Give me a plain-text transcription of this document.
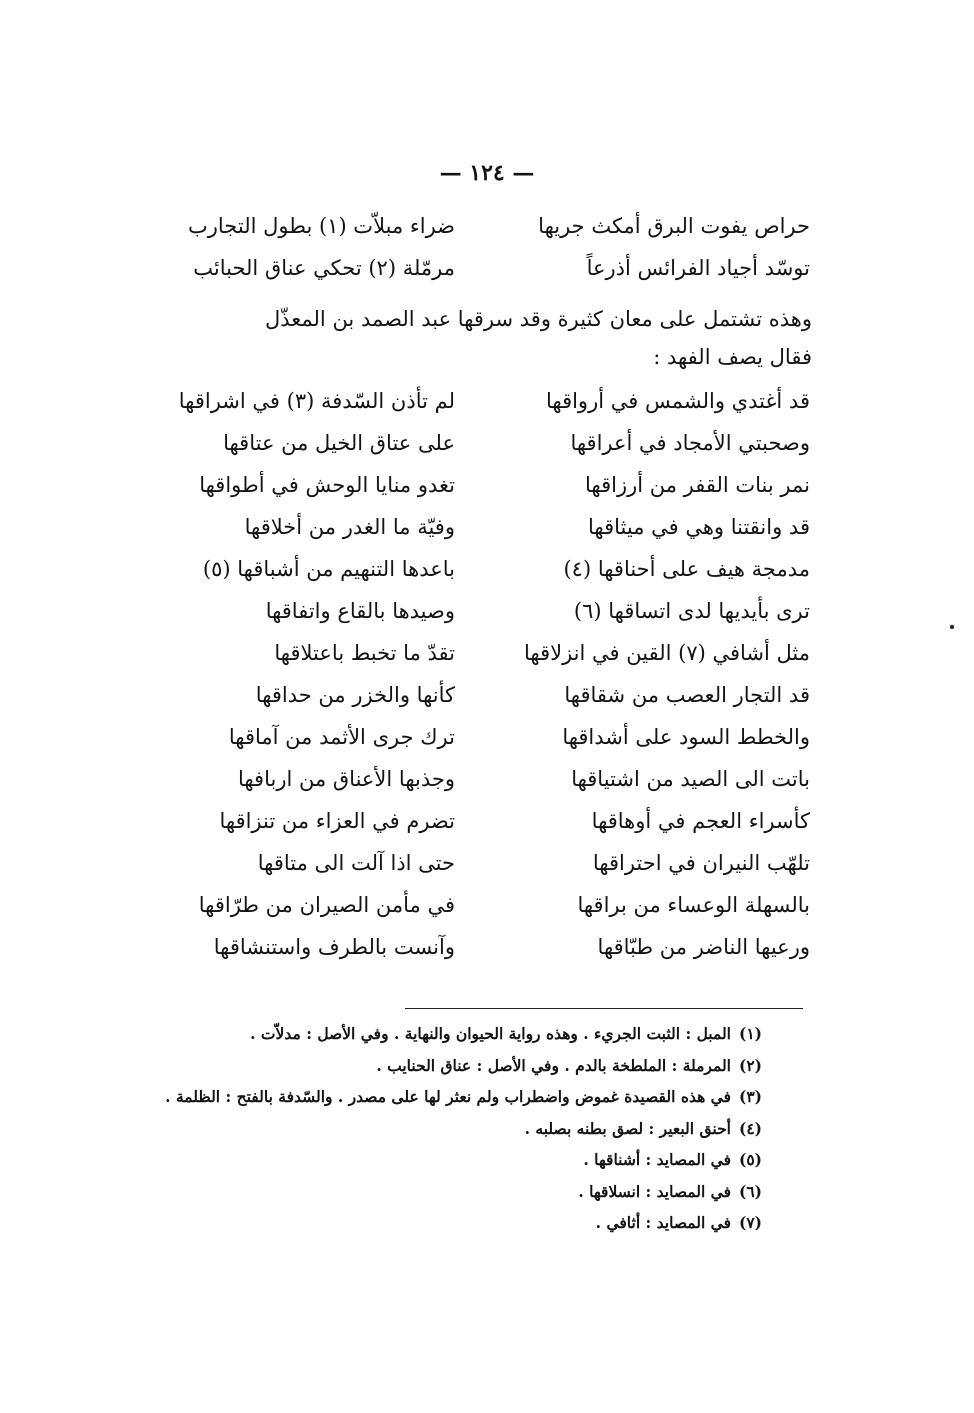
— ١٢٤ —
حراص يفوت البرق أمكث جريها
ضراء مبلاّت (١) بطول التجارب
توسّد أجياد الفرائس أذرعاً
مرمّلة (٢) تحكي عناق الحبائب

وهذه تشتمل على معان كثيرة وقد سرقها عبد الصمد بن المعذّل

فقال يصف الفهد :

قد أغتدي والشمس في أرواقها
لم تأذن السّدفة (٣) في اشراقها
وصحبتي الأمجاد في أعراقها
على عتاق الخيل من عتاقها
نمر بنات القفر من أرزاقها
تغدو منايا الوحش في أطواقها
قد وانقتنا وهي في ميثاقها
وفيّة ما الغدر من أخلاقها
مدمجة هيف على أحناقها (٤)
باعدها التنهيم من أشباقها (٥)
ترى بأيديها لدى اتساقها (٦)
وصيدها بالقاع واتفاقها
مثل أشافي (٧) القين في انزلاقها
تقدّ ما تخبط باعتلاقها
قد التجار العصب من شقاقها
كأنها والخزر من حداقها
والخطط السود على أشداقها
ترك جرى الأثمد من آماقها
باتت الى الصيد من اشتياقها
وجذبها الأعناق من اربافها
كأسراء العجم في أوهاقها
تضرم في العزاء من تنزاقها
تلهّب النيران في احتراقها
حتى اذا آلت الى متاقها
بالسهلة الوعساء من براقها
في مأمن الصيران من طرّاقها
ورعيها الناضر من طبّاقها
وآنست بالطرف واستنشاقها
(١)المبل : الثبت الجريء . وهذه رواية الحيوان والنهاية . وفي الأصل : مدلاّت .
(٢)المرملة : الملطخة بالدم . وفي الأصل : عناق الحنايب .
(٣)في هذه القصيدة غموض واضطراب ولم نعثر لها على مصدر . والسّدفة بالفتح : الظلمة .
(٤)أحنق البعير : لصق بطنه بصلبه .
(٥)في المصايد : أشناقها .
(٦)في المصايد : انسلاقها .
(٧)في المصايد : أثافي .
